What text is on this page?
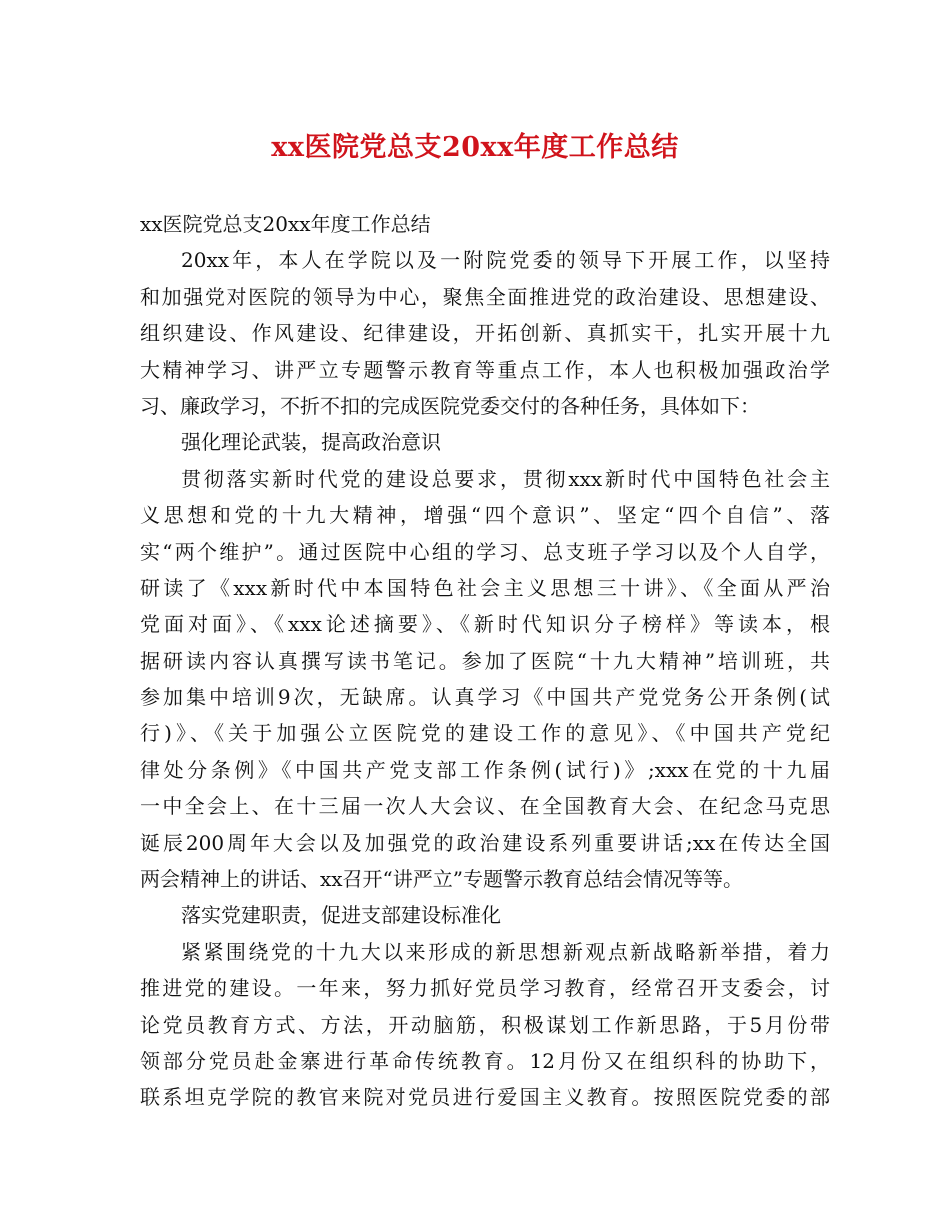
xx医院党总支20xx年度工作总结
xx医院党总支20xx年度工作总结
20xx年，本人在学院以及一附院党委的领导下开展工作，以坚持
和加强党对医院的领导为中心，聚焦全面推进党的政治建设、思想建设、
组织建设、作风建设、纪律建设，开拓创新、真抓实干，扎实开展十九
大精神学习、讲严立专题警示教育等重点工作，本人也积极加强政治学
习、廉政学习，不折不扣的完成医院党委交付的各种任务，具体如下：
强化理论武装，提高政治意识
贯彻落实新时代党的建设总要求，贯彻xxx新时代中国特色社会主
义思想和党的十九大精神，增强“四个意识”、坚定“四个自信”、落
实“两个维护”。通过医院中心组的学习、总支班子学习以及个人自学，
研读了《xxx新时代中本国特色社会主义思想三十讲》、《全面从严治
党面对面》、《xxx论述摘要》、《新时代知识分子榜样》等读本，根
据研读内容认真撰写读书笔记。参加了医院“十九大精神”培训班，共
参加集中培训9次，无缺席。认真学习《中国共产党党务公开条例(试
行)》、《关于加强公立医院党的建设工作的意见》、《中国共产党纪
律处分条例》《中国共产党支部工作条例(试行)》;xxx在党的十九届
一中全会上、在十三届一次人大会议、在全国教育大会、在纪念马克思
诞辰200周年大会以及加强党的政治建设系列重要讲话;xx在传达全国
两会精神上的讲话、xx召开“讲严立”专题警示教育总结会情况等等。
落实党建职责，促进支部建设标准化
紧紧围绕党的十九大以来形成的新思想新观点新战略新举措，着力
推进党的建设。一年来，努力抓好党员学习教育，经常召开支委会，讨
论党员教育方式、方法，开动脑筋，积极谋划工作新思路，于5月份带
领部分党员赴金寨进行革命传统教育。12月份又在组织科的协助下，
联系坦克学院的教官来院对党员进行爱国主义教育。按照医院党委的部
